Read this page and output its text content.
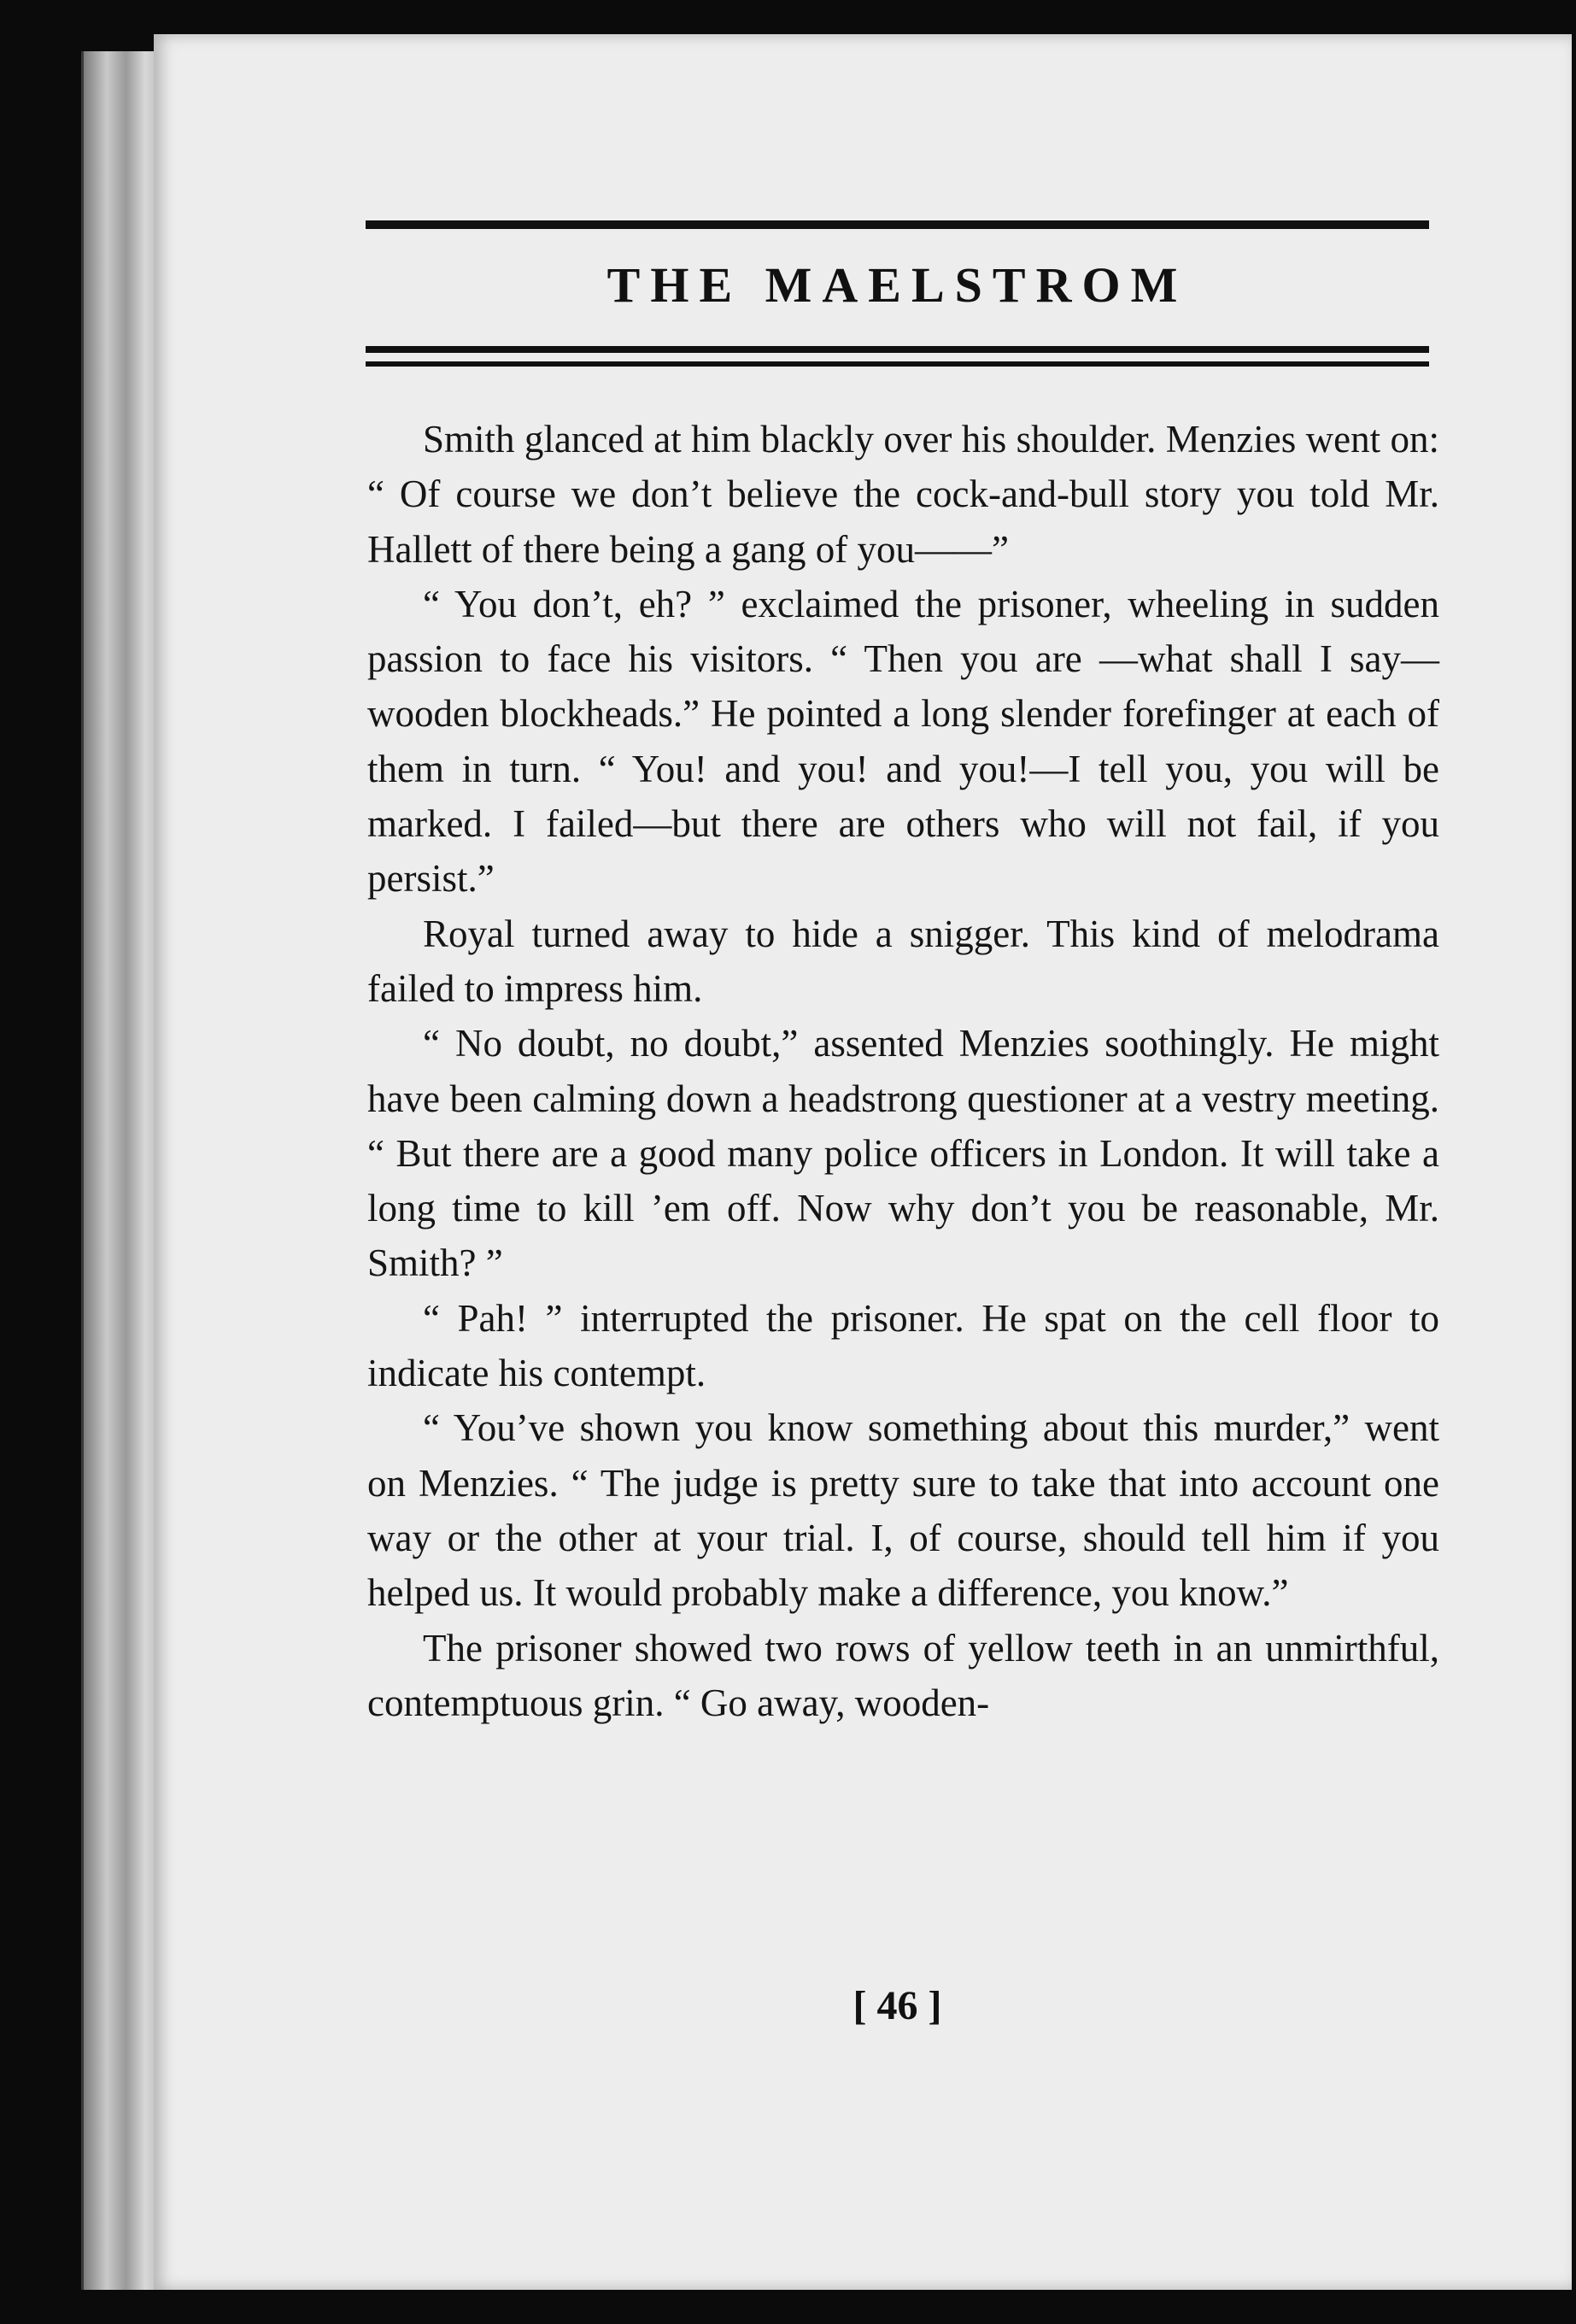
THE MAELSTROM

Smith glanced at him blackly over his shoulder. Menzies went on: “ Of course we don’t believe the cock-and-bull story you told Mr. Hallett of there being a gang of you——”

“ You don’t, eh? ” exclaimed the prisoner, wheeling in sudden passion to face his visitors. “ Then you are —what shall I say—wooden blockheads.” He pointed a long slender forefinger at each of them in turn. “ You! and you! and you!—I tell you, you will be marked. I failed—but there are others who will not fail, if you persist.”

Royal turned away to hide a snigger. This kind of melodrama failed to impress him.

“ No doubt, no doubt,” assented Menzies soothingly. He might have been calming down a headstrong questioner at a vestry meeting. “ But there are a good many police officers in London. It will take a long time to kill ’em off. Now why don’t you be reasonable, Mr. Smith? ”

“ Pah! ” interrupted the prisoner. He spat on the cell floor to indicate his contempt.

“ You’ve shown you know something about this murder,” went on Menzies. “ The judge is pretty sure to take that into account one way or the other at your trial. I, of course, should tell him if you helped us. It would probably make a difference, you know.”

The prisoner showed two rows of yellow teeth in an unmirthful, contemptuous grin. “ Go away, wooden-

[ 46 ]
